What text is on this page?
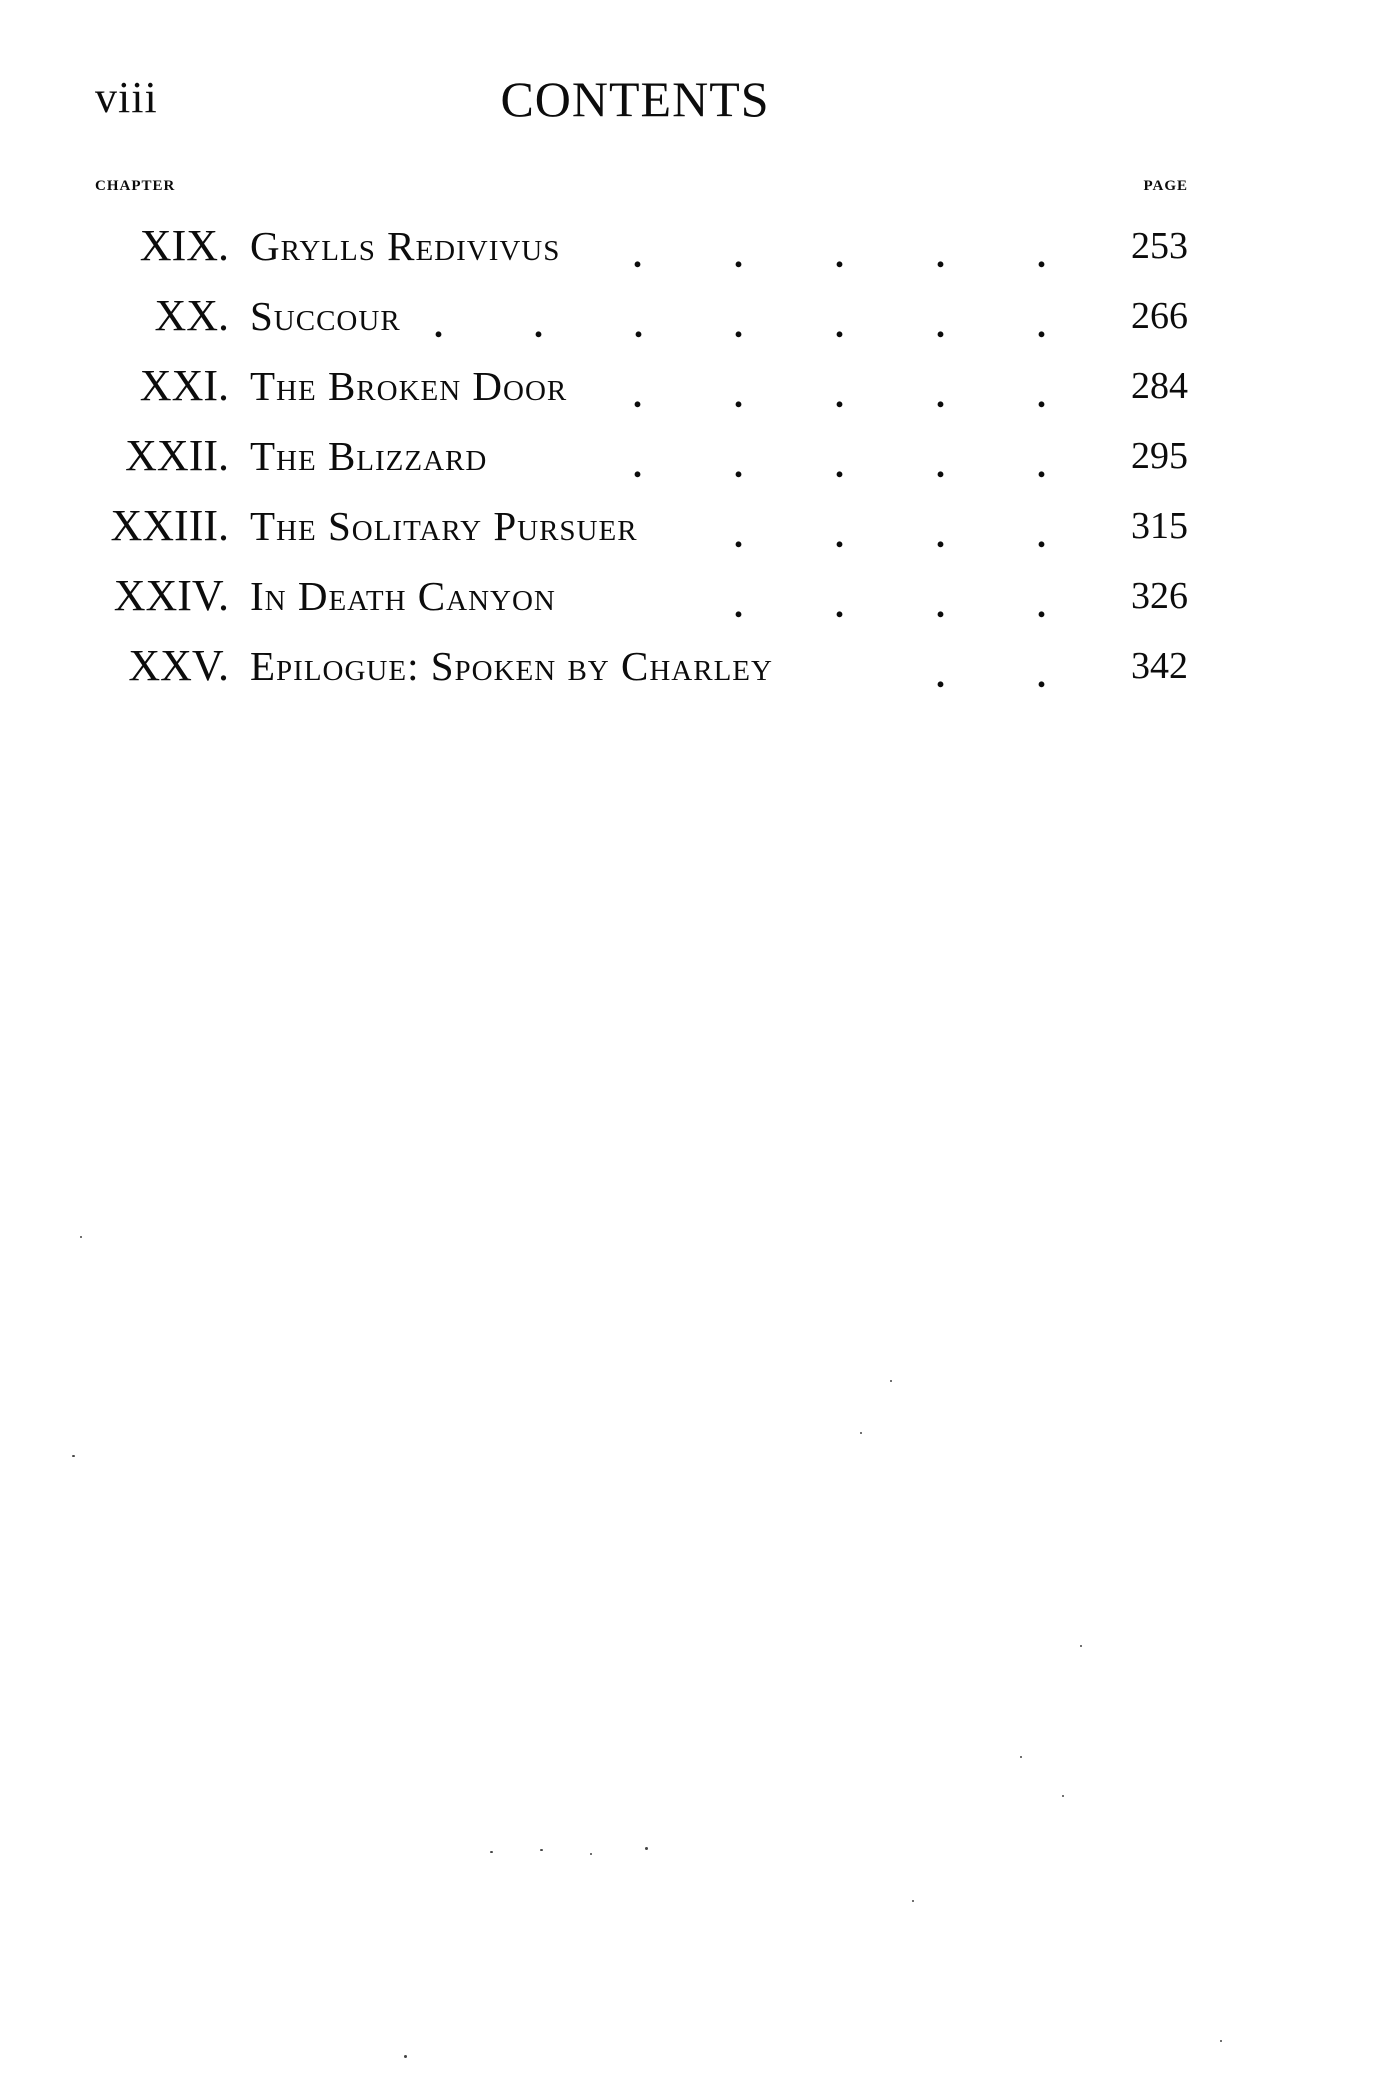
viii	CONTENTS
chapter	page
XIX. Grylls Redivivus .	.	.	.	. 253
XX. Succour .	.	.	.	.	.	. 266
XXI. The Broken Door .	.	.	.	. 284
XXII. The Blizzard	.	.	.	.	. 295
XXIII. The Solitary Pursuer	.	.	.	. 315
XXIV. In Death Canyon	.	.	.	. 326
XXV. Epilogue: Spoken by Charley	.	. 342
